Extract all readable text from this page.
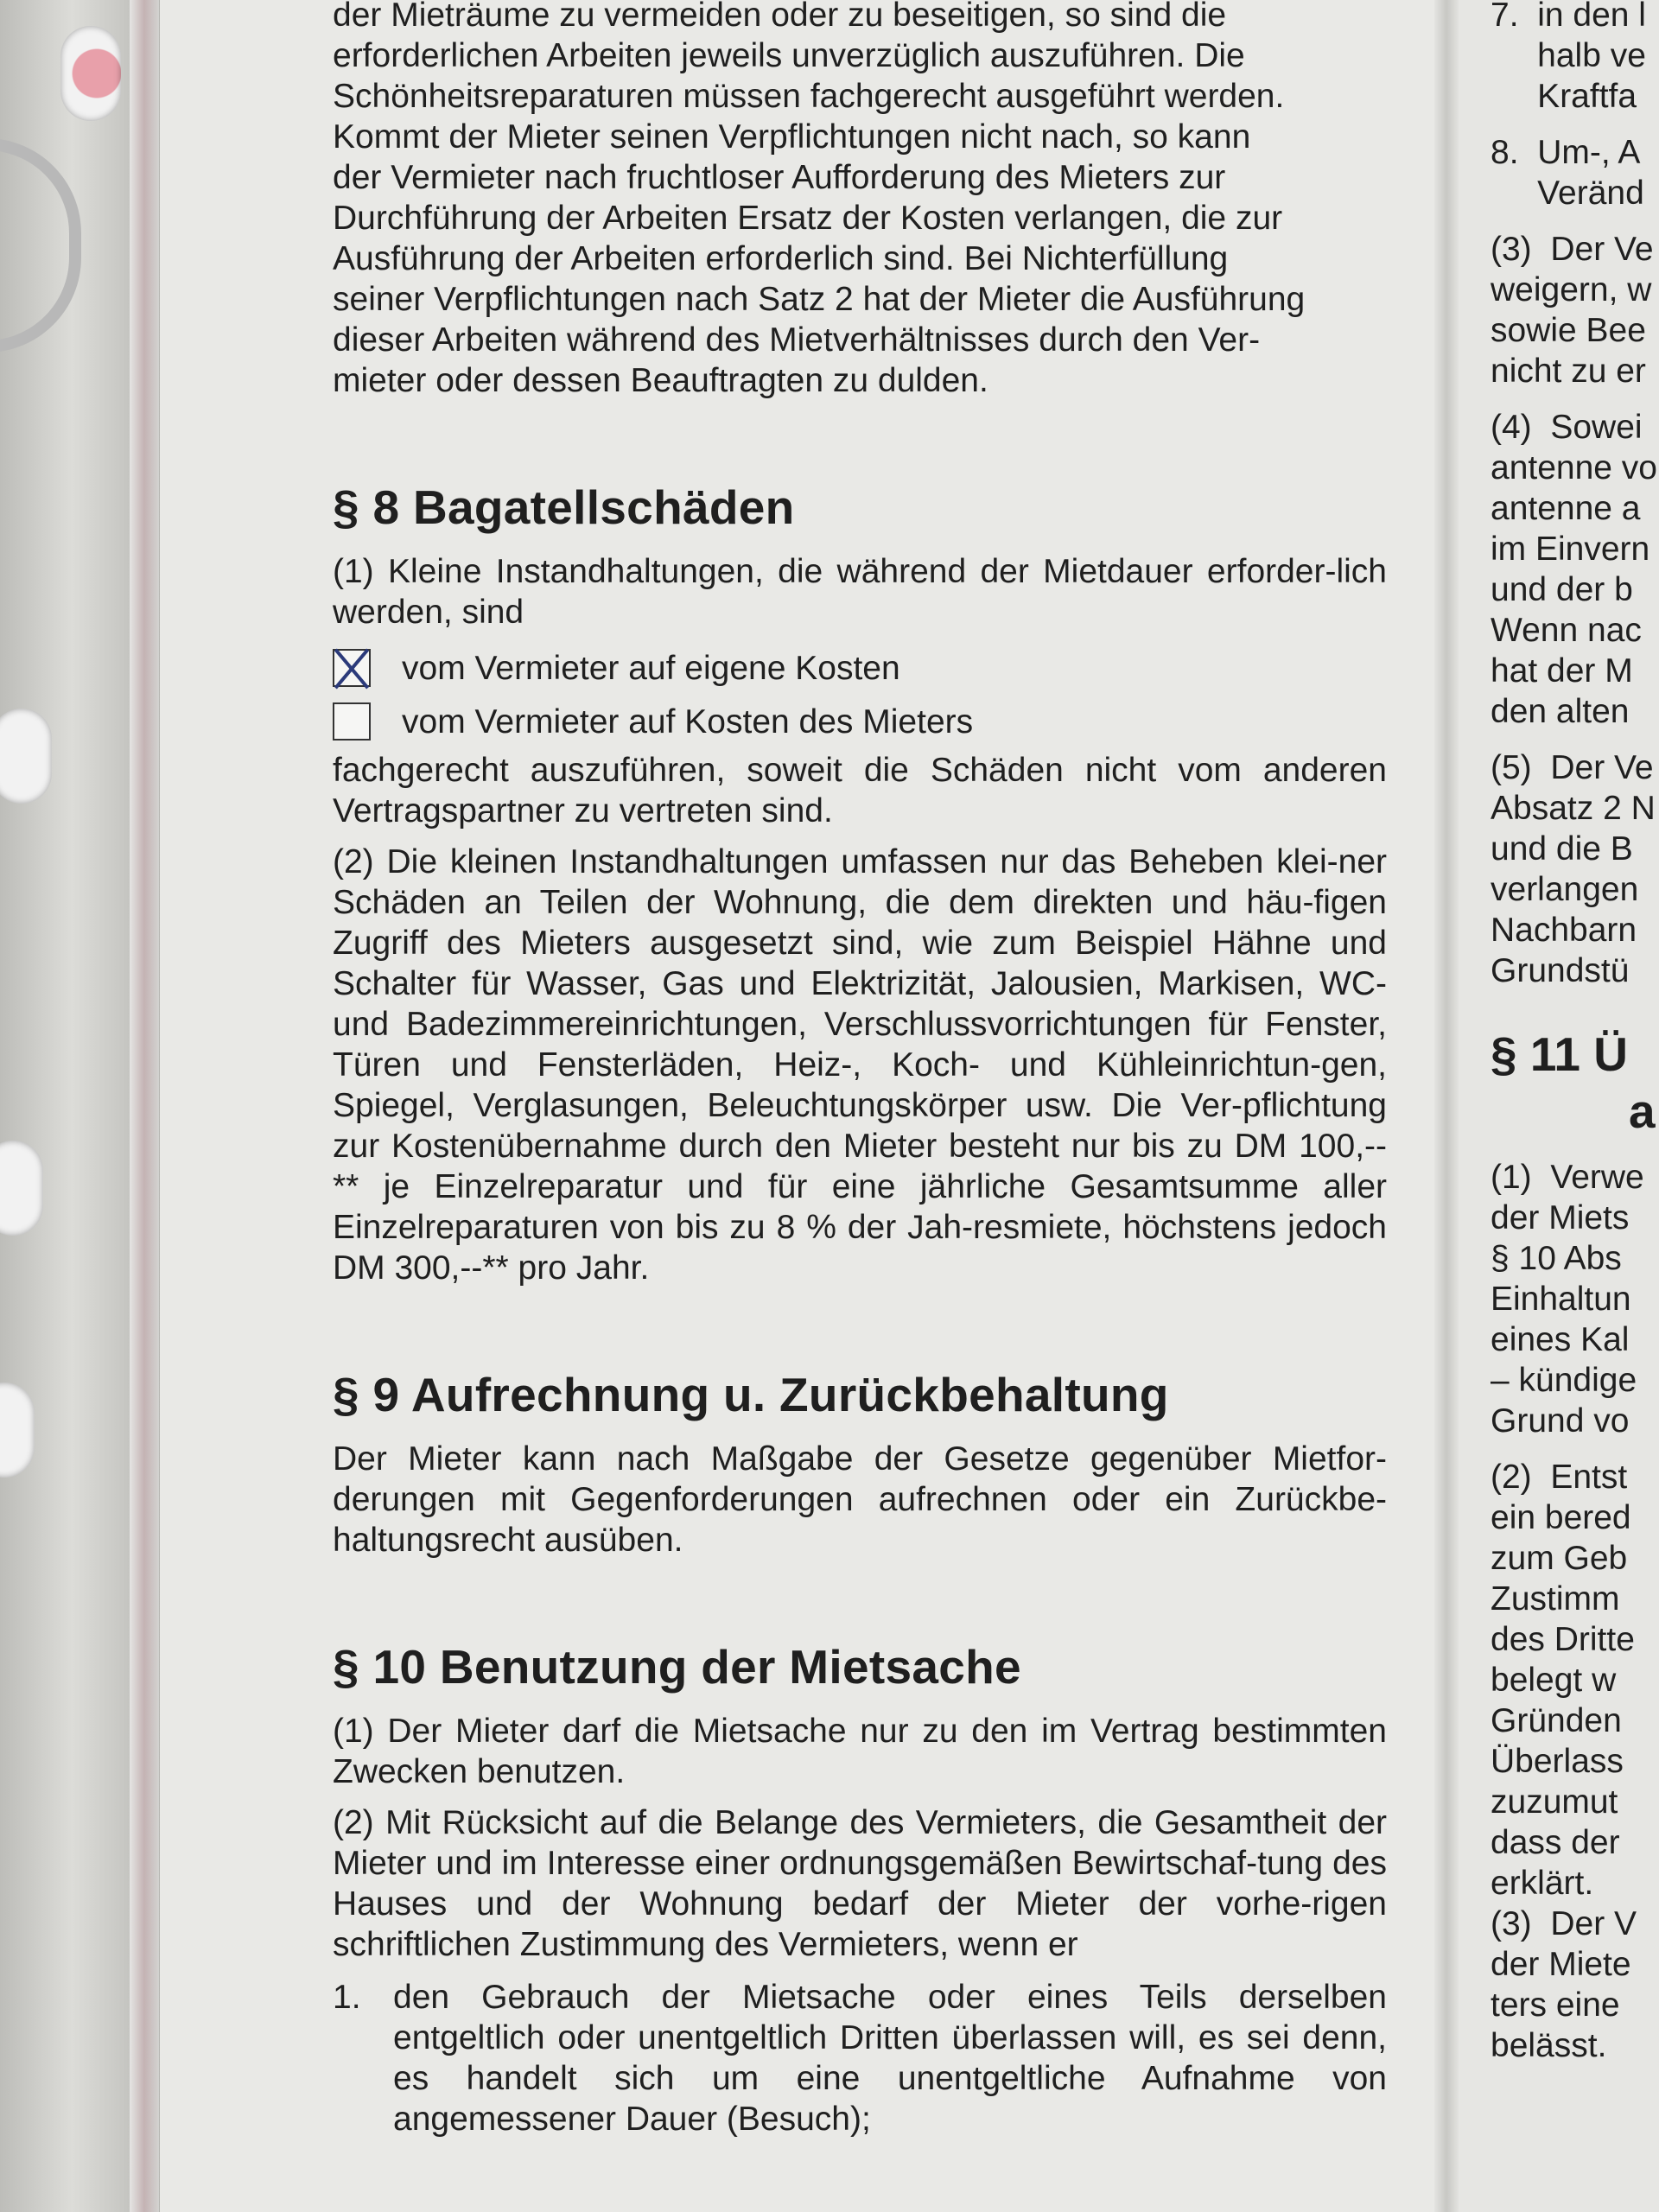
der Mieträume zu vermeiden oder zu beseitigen, so sind die
erforderlichen Arbeiten jeweils unverzüglich auszuführen. Die
Schönheitsreparaturen müssen fachgerecht ausgeführt werden.
Kommt der Mieter seinen Verpflichtungen nicht nach, so kann
der Vermieter nach fruchtloser Aufforderung des Mieters zur
Durchführung der Arbeiten Ersatz der Kosten verlangen, die zur
Ausführung der Arbeiten erforderlich sind. Bei Nichterfüllung
seiner Verpflichtungen nach Satz 2 hat der Mieter die Ausführung
dieser Arbeiten während des Mietverhältnisses durch den Ver-
mieter oder dessen Beauftragten zu dulden.
§ 8 Bagatellschäden

(1) Kleine Instandhaltungen, die während der Mietdauer erforder-lich werden, sind

vom Vermieter auf eigene Kosten
vom Vermieter auf Kosten des Mieters

fachgerecht auszuführen, soweit die Schäden nicht vom anderen Vertragspartner zu vertreten sind.

(2) Die kleinen Instandhaltungen umfassen nur das Beheben klei-ner Schäden an Teilen der Wohnung, die dem direkten und häu-figen Zugriff des Mieters ausgesetzt sind, wie zum Beispiel Hähne und Schalter für Wasser, Gas und Elektrizität, Jalousien, Markisen, WC- und Badezimmereinrichtungen, Verschlussvorrichtungen für Fenster, Türen und Fensterläden, Heiz-, Koch- und Kühleinrichtun-gen, Spiegel, Verglasungen, Beleuchtungskörper usw. Die Ver-pflichtung zur Kostenübernahme durch den Mieter besteht nur bis zu DM 100,--** je Einzelreparatur und für eine jährliche Gesamtsumme aller Einzelreparaturen von bis zu 8 % der Jah-resmiete, höchstens jedoch DM 300,--** pro Jahr.

§ 9 Aufrechnung u. Zurückbehaltung

Der Mieter kann nach Maßgabe der Gesetze gegenüber Mietfor-derungen mit Gegenforderungen aufrechnen oder ein Zurückbe-haltungsrecht ausüben.

§ 10 Benutzung der Mietsache

(1) Der Mieter darf die Mietsache nur zu den im Vertrag bestimmten Zwecken benutzen.

(2) Mit Rücksicht auf die Belange des Vermieters, die Gesamtheit der Mieter und im Interesse einer ordnungsgemäßen Bewirtschaf-tung des Hauses und der Wohnung bedarf der Mieter der vorhe-rigen schriftlichen Zustimmung des Vermieters, wenn er

1. den Gebrauch der Mietsache oder eines Teils derselben entgeltlich oder unentgeltlich Dritten überlassen will, es sei denn, es handelt sich um eine unentgeltliche Aufnahme von angemessener Dauer (Besuch);
7.  in den l
halb ve
Kraftfa
8.  Um-, A
Veränd
(3)  Der Ve
weigern, w
sowie Bee
nicht zu er
(4)  Sowei
antenne vo
antenne a
im Einvern
und der b
Wenn nac
hat der M
den alten
(5)  Der Ve
Absatz 2 N
und die B
verlangen
Nachbarn
Grundstü
§ 11 Ü
a
(1)  Verwe
der Miets
§ 10 Abs
Einhaltun
eines Kal
– kündige
Grund vo
(2)  Entst
ein bered
zum Geb
Zustimm
des Dritte
belegt w
Gründen
Überlass
zuzumut
dass der
erklärt.
(3)  Der V
der Miete
ters eine
belässt.
